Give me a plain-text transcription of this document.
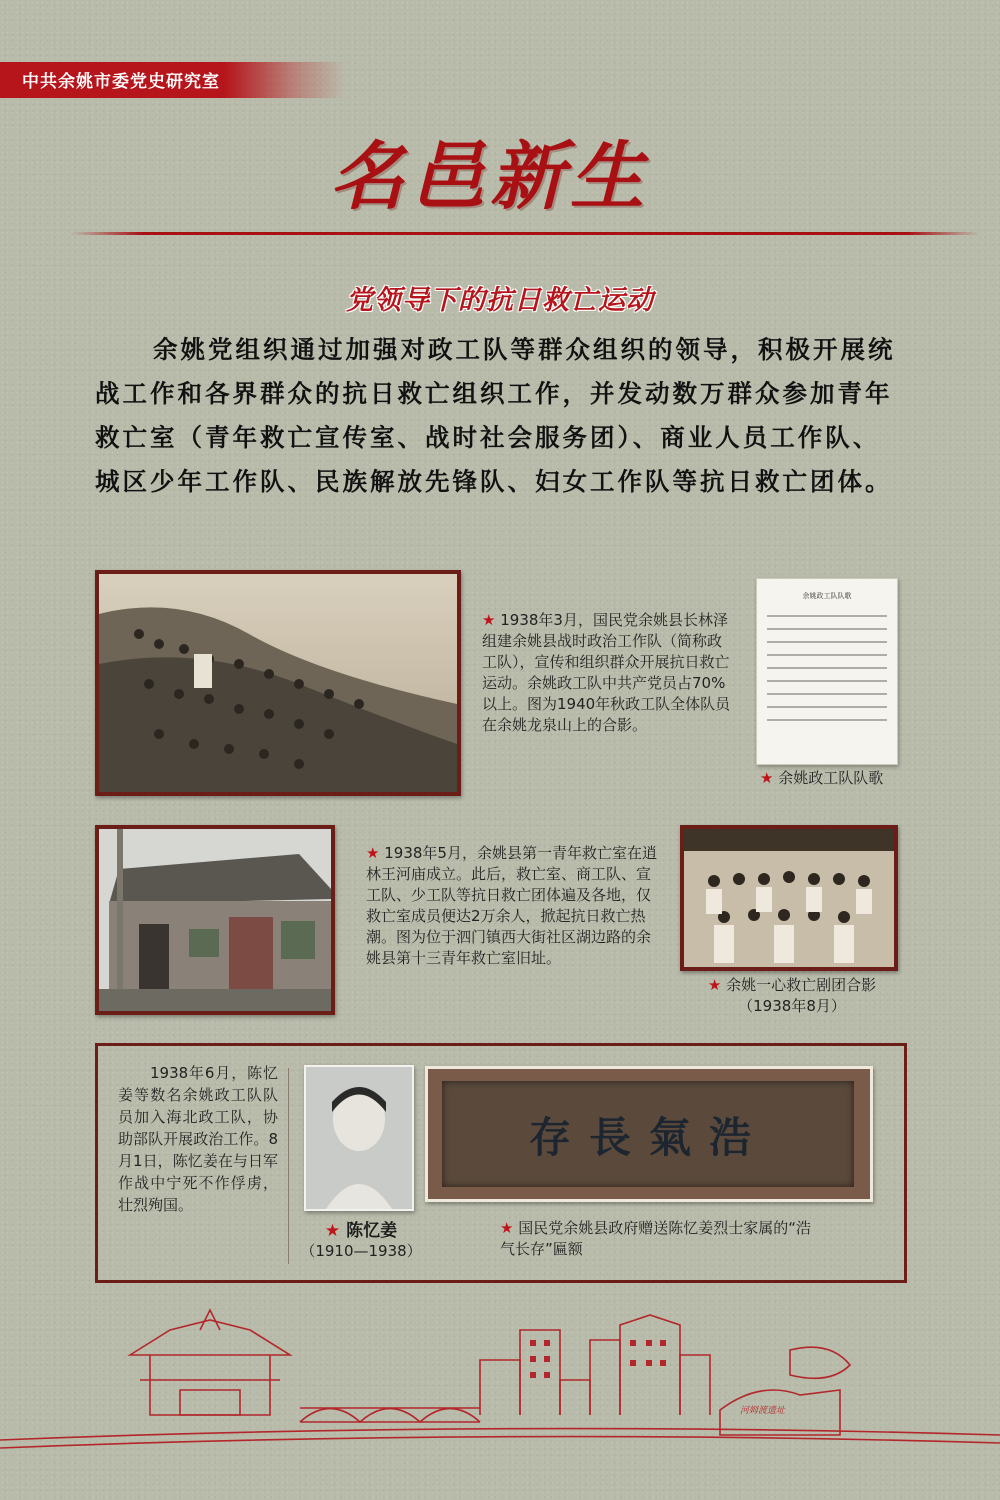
中共余姚市委党史研究室
名邑新生
党领导下的抗日救亡运动
余姚党组织通过加强对政工队等群众组织的领导，积极开展统战工作和各界群众的抗日救亡组织工作，并发动数万群众参加青年救亡室（青年救亡宣传室、战时社会服务团）、商业人员工作队、城区少年工作队、民族解放先锋队、妇女工作队等抗日救亡团体。
★ 1938年3月，国民党余姚县长林泽组建余姚县战时政治工作队（简称政工队），宣传和组织群众开展抗日救亡运动。余姚政工队中共产党员占70%以上。图为1940年秋政工队全体队员在余姚龙泉山上的合影。
余姚政工队队歌
★ 余姚政工队队歌
★ 1938年5月，余姚县第一青年救亡室在逍林王河庙成立。此后，救亡室、商工队、宣工队、少工队等抗日救亡团体遍及各地，仅救亡室成员便达2万余人，掀起抗日救亡热潮。图为位于泗门镇西大街社区湖边路的余姚县第十三青年救亡室旧址。
★ 余姚一心救亡剧团合影
（1938年8月）
1938年6月，陈忆姜等数名余姚政工队队员加入海北政工队，协助部队开展政治工作。8月1日，陈忆姜在与日军作战中宁死不作俘虏，壮烈殉国。
★ 陈忆姜
（1910—1938）
浩氣長存
★ 国民党余姚县政府赠送陈忆姜烈士家属的“浩气长存”匾额
河姆渡遗址
